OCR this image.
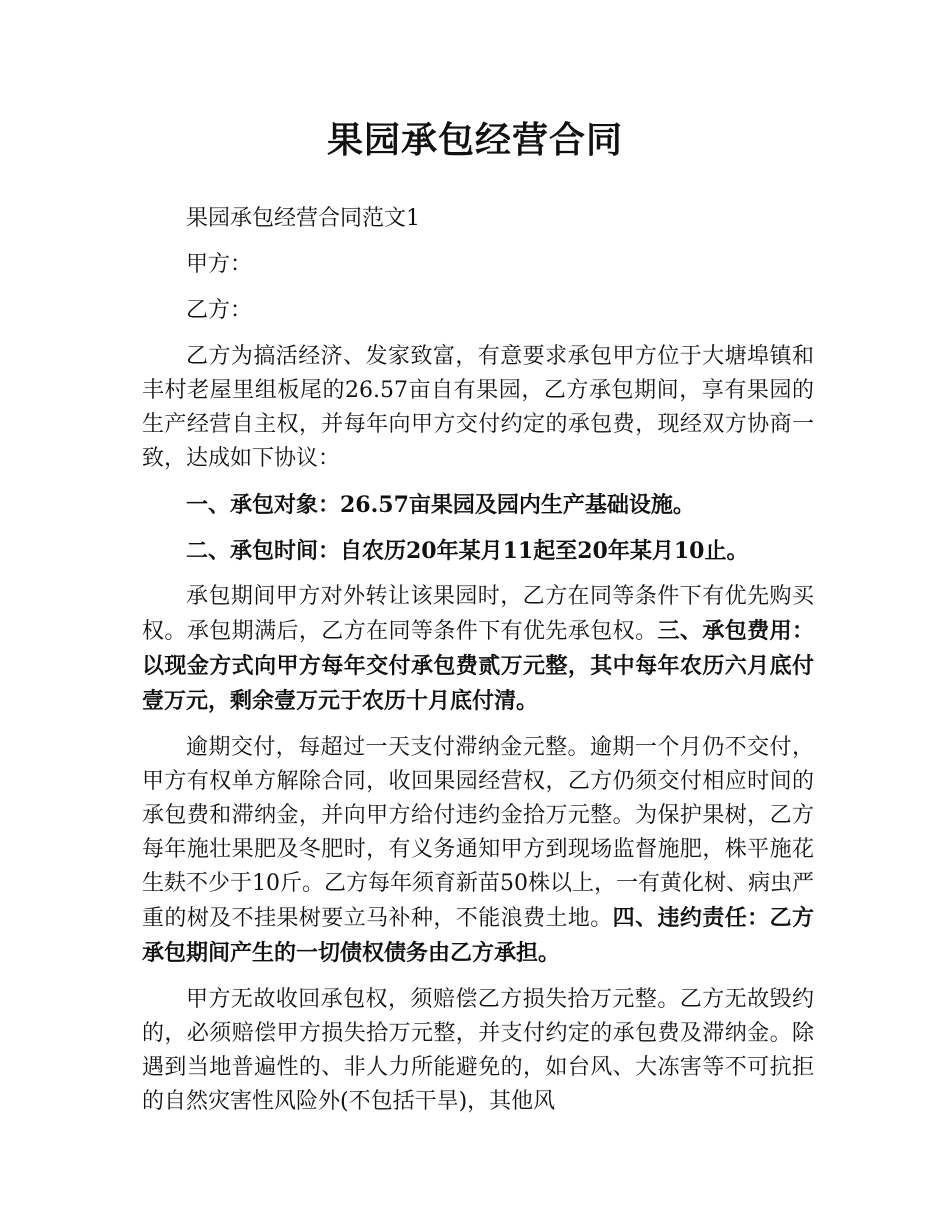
果园承包经营合同

果园承包经营合同范文1

甲方：

乙方：

乙方为搞活经济、发家致富，有意要求承包甲方位于大塘埠镇和丰村老屋里组板尾的26.57亩自有果园，乙方承包期间，享有果园的生产经营自主权，并每年向甲方交付约定的承包费，现经双方协商一致，达成如下协议：

一、承包对象：26.57亩果园及园内生产基础设施。

二、承包时间：自农历20年某月11起至20年某月10止。

承包期间甲方对外转让该果园时，乙方在同等条件下有优先购买权。承包期满后，乙方在同等条件下有优先承包权。三、承包费用：以现金方式向甲方每年交付承包费贰万元整，其中每年农历六月底付壹万元，剩余壹万元于农历十月底付清。

逾期交付，每超过一天支付滞纳金元整。逾期一个月仍不交付，甲方有权单方解除合同，收回果园经营权，乙方仍须交付相应时间的承包费和滞纳金，并向甲方给付违约金拾万元整。为保护果树，乙方每年施壮果肥及冬肥时，有义务通知甲方到现场监督施肥，株平施花生麸不少于10斤。乙方每年须育新苗50株以上，一有黄化树、病虫严重的树及不挂果树要立马补种，不能浪费土地。四、违约责任：乙方承包期间产生的一切债权债务由乙方承担。

甲方无故收回承包权，须赔偿乙方损失拾万元整。乙方无故毁约的，必须赔偿甲方损失拾万元整，并支付约定的承包费及滞纳金。除遇到当地普遍性的、非人力所能避免的，如台风、大冻害等不可抗拒的自然灾害性风险外(不包括干旱)，其他风
